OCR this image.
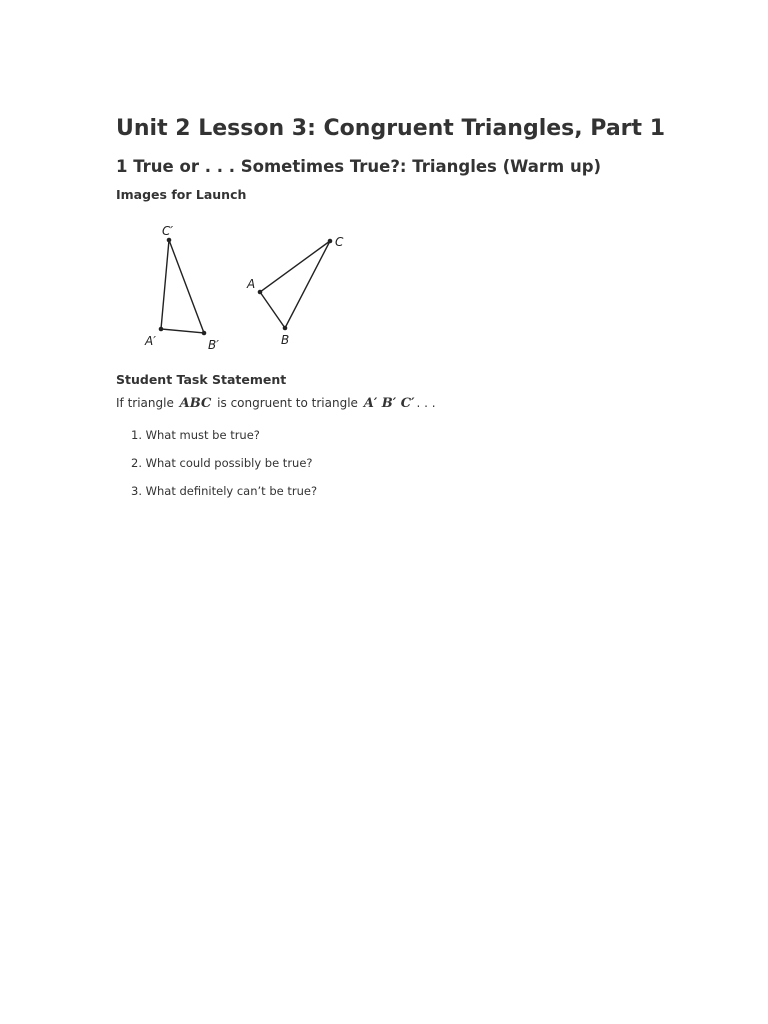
Unit 2 Lesson 3: Congruent Triangles, Part 1
1 True or . . . Sometimes True?: Triangles (Warm up)
Images for Launch
C′
A′	B′
A
B
C
Student Task Statement
If triangle ABC is congruent to triangle A′ B′ C′ . . .
1. What must be true?
2. What could possibly be true?
3. What definitely can’t be true?
